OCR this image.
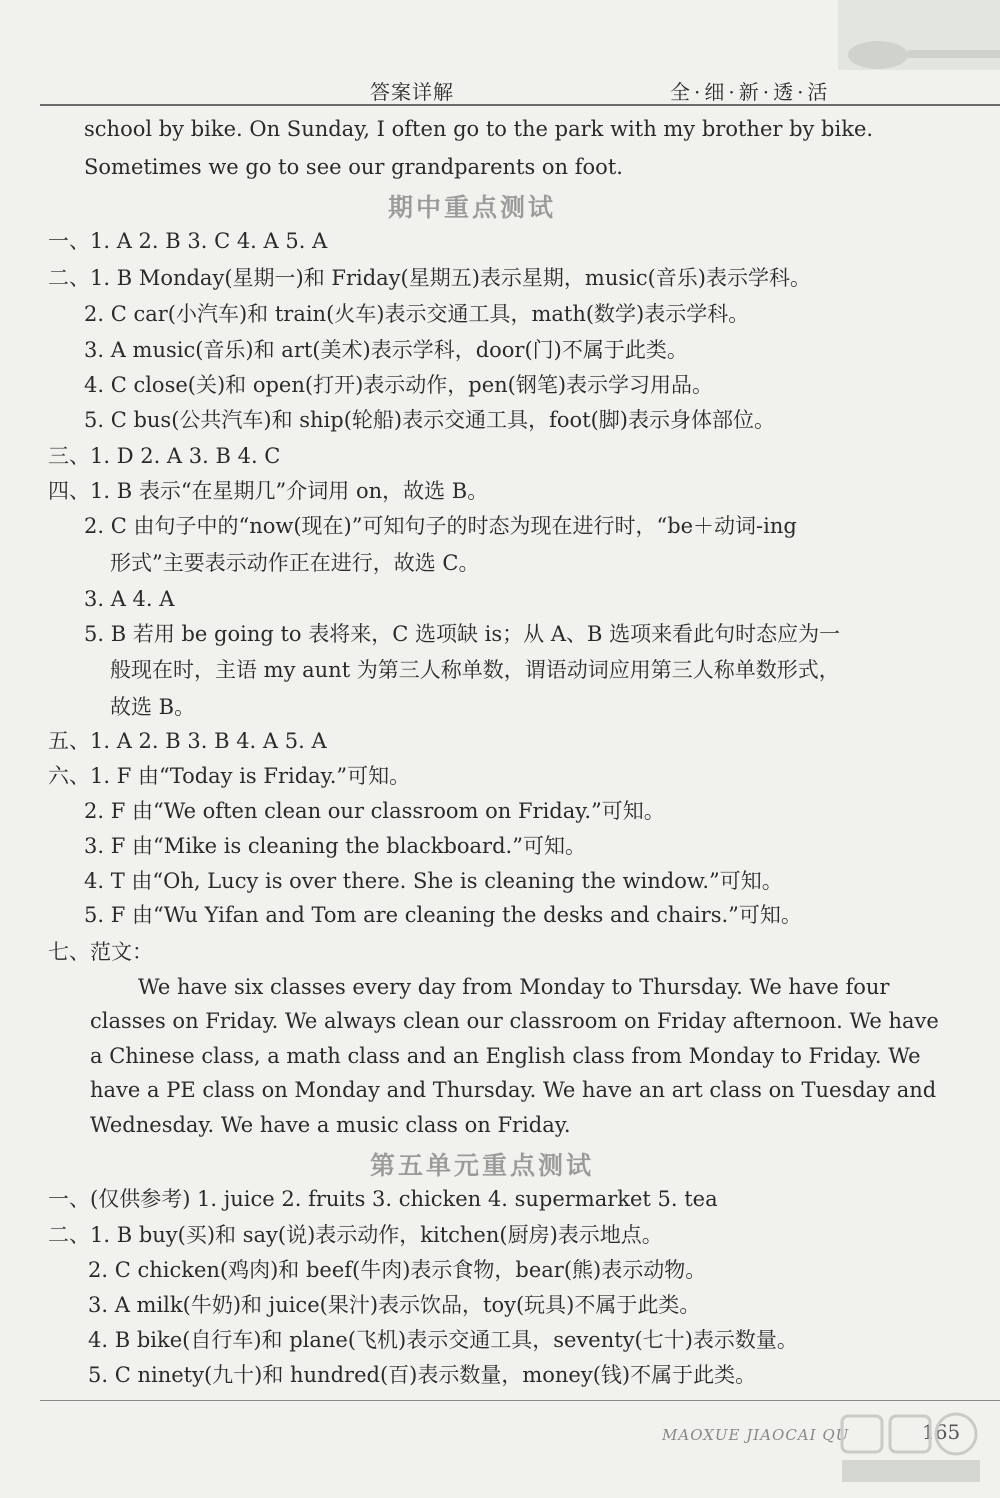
答案详解	全·细·新·透·活
school by bike. On Sunday, I often go to the park with my brother by bike.
Sometimes we go to see our grandparents on foot.
期中重点测试
一、1. A 2. B 3. C 4. A 5. A
二、1. B Monday(星期一)和 Friday(星期五)表示星期，music(音乐)表示学科。
2. C car(小汽车)和 train(火车)表示交通工具，math(数学)表示学科。
3. A music(音乐)和 art(美术)表示学科，door(门)不属于此类。
4. C close(关)和 open(打开)表示动作，pen(钢笔)表示学习用品。
5. C bus(公共汽车)和 ship(轮船)表示交通工具，foot(脚)表示身体部位。
三、1. D 2. A 3. B 4. C
四、1. B 表示“在星期几”介词用 on，故选 B。
2. C 由句子中的“now(现在)”可知句子的时态为现在进行时，“be＋动词-ing
形式”主要表示动作正在进行，故选 C。
3. A 4. A
5. B 若用 be going to 表将来，C 选项缺 is；从 A、B 选项来看此句时态应为一
般现在时，主语 my aunt 为第三人称单数，谓语动词应用第三人称单数形式，
故选 B。
五、1. A 2. B 3. B 4. A 5. A
六、1. F 由“Today is Friday.”可知。
2. F 由“We often clean our classroom on Friday.”可知。
3. F 由“Mike is cleaning the blackboard.”可知。
4. T 由“Oh, Lucy is over there. She is cleaning the window.”可知。
5. F 由“Wu Yifan and Tom are cleaning the desks and chairs.”可知。
七、范文：
We have six classes every day from Monday to Thursday. We have four
classes on Friday. We always clean our classroom on Friday afternoon. We have
a Chinese class, a math class and an English class from Monday to Friday. We
have a PE class on Monday and Thursday. We have an art class on Tuesday and
Wednesday. We have a music class on Friday.
第五单元重点测试
一、(仅供参考) 1. juice 2. fruits 3. chicken 4. supermarket 5. tea
二、1. B buy(买)和 say(说)表示动作，kitchen(厨房)表示地点。
2. C chicken(鸡肉)和 beef(牛肉)表示食物，bear(熊)表示动物。
3. A milk(牛奶)和 juice(果汁)表示饮品，toy(玩具)不属于此类。
4. B bike(自行车)和 plane(飞机)表示交通工具，seventy(七十)表示数量。
5. C ninety(九十)和 hundred(百)表示数量，money(钱)不属于此类。
MAOXUE JIAOCAI QU	165
